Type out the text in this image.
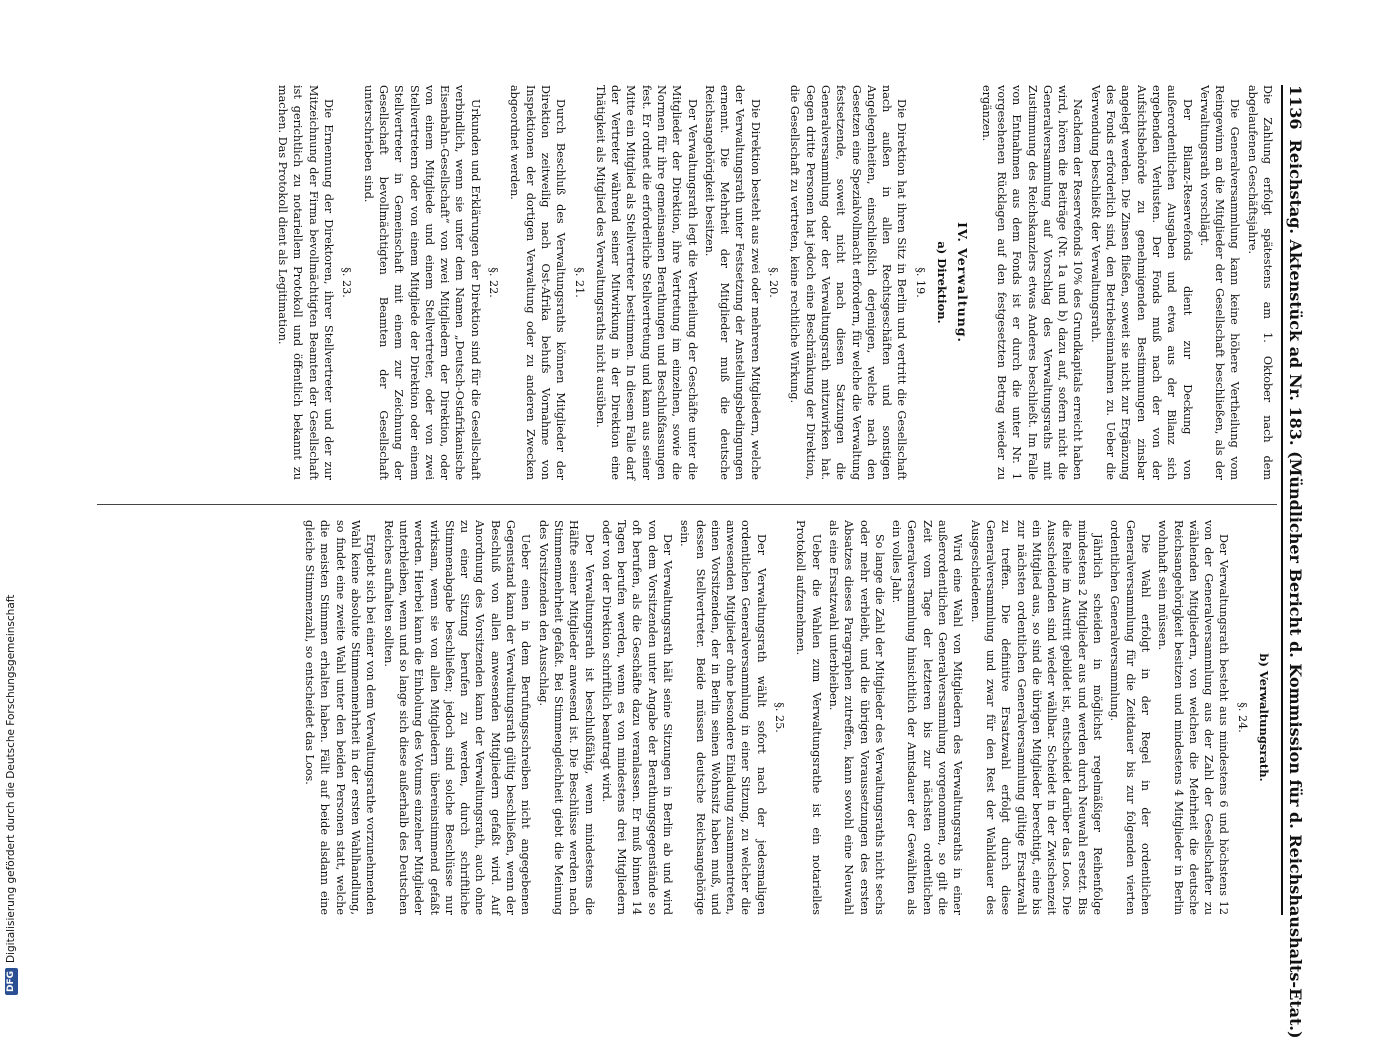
1136
Reichstag. Aktenstück ad Nr. 183. (Mündlicher Bericht d. Kommission für d. Reichshaushalts-Etat.)

Die Zahlung erfolgt spätestens am 1. Oktober nach dem abgelaufenen Geschäftsjahre.

Die Generalversammlung kann keine höhere Vertheilung vom Reingewinn an die Mitglieder der Gesellschaft beschließen, als der Verwaltungsrath vorschlägt.

Der Bilanz-Reservefonds dient zur Deckung von außerordentlichen Ausgaben und etwa aus der Bilanz sich ergebenden Verlusten. Der Fonds muß nach der von der Aufsichtsbehörde zu genehmigenden Bestimmungen zinsbar angelegt werden. Die Zinsen fließen, soweit sie nicht zur Ergänzung des Fonds erforderlich sind, den Betriebseinnahmen zu. Ueber die Verwendung beschließt der Verwaltungsrath.

Nachdem der Reservefonds 10% des Grundkapitals erreicht haben wird, hören die Beiträge (Nr. 1a und b) dazu auf, sofern nicht die Generalversammlung auf Vorschlag des Verwaltungsraths mit Zustimmung des Reichskanzlers etwas Anderes beschließt. Im Falle von Entnahmen aus dem Fonds ist er durch die unter Nr. 1 vorgesehenen Rücklagen auf den festgesetzten Betrag wieder zu ergänzen.

IV. Verwaltung.
a) Direktion.
§. 19.

Die Direktion hat ihren Sitz in Berlin und vertritt die Gesellschaft nach außen in allen Rechtsgeschäften und sonstigen Angelegenheiten, einschließlich derjenigen, welche nach den Gesetzen eine Spezialvollmacht erfordern, für welche die Verwaltung festsetzende, soweit nicht nach diesen Satzungen die Generalversammlung oder der Verwaltungsrath mitzuwirken hat. Gegen dritte Personen hat jedoch eine Beschränkung der Direktion, die Gesellschaft zu vertreten, keine rechtliche Wirkung.

§. 20.

Die Direktion besteht aus zwei oder mehreren Mitgliedern, welche der Verwaltungsrath unter Festsetzung der Anstellungsbedingungen ernennt. Die Mehrheit der Mitglieder muß die deutsche Reichsangehörigkeit besitzen.

Der Verwaltungsrath legt die Vertheilung der Geschäfte unter die Mitglieder der Direktion, ihre Vertretung im einzelnen, sowie die Normen für ihre gemeinsamen Berathungen und Beschlußfassungen fest. Er ordnet die erforderliche Stellvertretung und kann aus seiner Mitte ein Mitglied als Stellvertreter bestimmen. In diesem Falle darf der Vertreter während seiner Mitwirkung in der Direktion eine Thätigkeit als Mitglied des Verwaltungsraths nicht ausüben.

§. 21.

Durch Beschluß des Verwaltungsraths können Mitglieder der Direktion zeitweilig nach Ost-Afrika behufs Vornahme von Inspektionen der dortigen Verwaltung oder zu anderen Zwecken abgeordnet werden.

§. 22.

Urkunden und Erklärungen der Direktion sind für die Gesellschaft verbindlich, wenn sie unter dem Namen „Deutsch-Ostafrikanische Eisenbahn-Gesellschaft“ von zwei Mitgliedern der Direktion, oder von einem Mitgliede und einem Stellvertreter, oder von zwei Stellvertretern oder von einem Mitgliede der Direktion oder einem Stellvertreter in Gemeinschaft mit einem zur Zeichnung der Gesellschaft bevollmächtigten Beamten der Gesellschaft unterschrieben sind.

§. 23.

Die Ernennung der Direktoren, ihrer Stellvertreter und der zur Mitzeichnung der Firma bevollmächtigten Beamten der Gesellschaft ist gerichtlich zu notariellem Protokoll und öffentlich bekannt zu machen. Das Protokoll dient als Legitimation.

b) Verwaltungsrath.
§. 24.

Der Verwaltungsrath besteht aus mindestens 6 und höchstens 12 von der Generalversammlung aus der Zahl der Gesellschafter zu wählenden Mitgliedern, von welchen die Mehrheit die deutsche Reichsangehörigkeit besitzen und mindestens 4 Mitglieder in Berlin wohnhaft sein müssen.

Die Wahl erfolgt in der Regel in der ordentlichen Generalversammlung für die Zeitdauer bis zur folgenden vierten ordentlichen Generalversammlung.

Jährlich scheiden in möglichst regelmäßiger Reihenfolge mindestens 2 Mitglieder aus und werden durch Neuwahl ersetzt. Bis die Reihe im Austritt gebildet ist, entscheidet darüber das Loos. Die Ausscheidenden sind wieder wählbar. Scheidet in der Zwischenzeit ein Mitglied aus, so sind die übrigen Mitglieder berechtigt, eine bis zur nächsten ordentlichen Generalversammlung gültige Ersatzwahl zu treffen. Die definitive Ersatzwahl erfolgt durch diese Generalversammlung und zwar für den Rest der Wahldauer des Ausgeschiedenen.

Wird eine Wahl von Mitgliedern des Verwaltungsraths in einer außerordentlichen Generalversammlung vorgenommen, so gilt die Zeit vom Tage der letzteren bis zur nächsten ordentlichen Generalversammlung hinsichtlich der Amtsdauer der Gewählten als ein volles Jahr.

So lange die Zahl der Mitglieder des Verwaltungsraths nicht sechs oder mehr verbleibt, und die übrigen Voraussetzungen des ersten Absatzes dieses Paragraphen zutreffen, kann sowohl eine Neuwahl als eine Ersatzwahl unterbleiben.

Ueber die Wahlen zum Verwaltungsrathe ist ein notarielles Protokoll aufzunehmen.

§. 25.

Der Verwaltungsrath wählt sofort nach der jedesmaligen ordentlichen Generalversammlung in einer Sitzung, zu welcher die anwesenden Mitglieder ohne besondere Einladung zusammentreten, einen Vorsitzenden, der in Berlin seinen Wohnsitz haben muß, und dessen Stellvertreter. Beide müssen deutsche Reichsangehörige sein.

Der Verwaltungsrath hält seine Sitzungen in Berlin ab und wird von dem Vorsitzenden unter Angabe der Berathungsgegenstände so oft berufen, als die Geschäfte dazu veranlassen. Er muß binnen 14 Tagen berufen werden, wenn es von mindestens drei Mitgliedern oder von der Direktion schriftlich beantragt wird.

Der Verwaltungsrath ist beschlußfähig, wenn mindestens die Hälfte seiner Mitglieder anwesend ist. Die Beschlüsse werden nach Stimmenmehrheit gefaßt. Bei Stimmengleichheit giebt die Meinung des Vorsitzenden den Ausschlag.

Ueber einen in dem Berufungsschreiben nicht angegebenen Gegenstand kann der Verwaltungsrath gültig beschließen, wenn der Beschluß von allen anwesenden Mitgliedern gefaßt wird. Auf Anordnung des Vorsitzenden kann der Verwaltungsrath, auch ohne zu einer Sitzung berufen zu werden, durch schriftliche Stimmenabgabe beschließen; jedoch sind solche Beschlüsse nur wirksam, wenn sie von allen Mitgliedern übereinstimmend gefaßt werden. Hierbei kann die Einholung des Votums einzelner Mitglieder unterbleiben, wenn und so lange sich diese außerhalb des Deutschen Reiches aufhalten sollten.

Ergiebt sich bei einer von dem Verwaltungsrathe vorzunehmenden Wahl keine absolute Stimmenmehrheit in der ersten Wahlhandlung, so findet eine zweite Wahl unter den beiden Personen statt, welche die meisten Stimmen erhalten haben. Fällt auf beide alsdann eine gleiche Stimmenzahl, so entscheidet das Loos.

DFG
Digitalisierung gefördert durch die Deutsche Forschungsgemeinschaft
